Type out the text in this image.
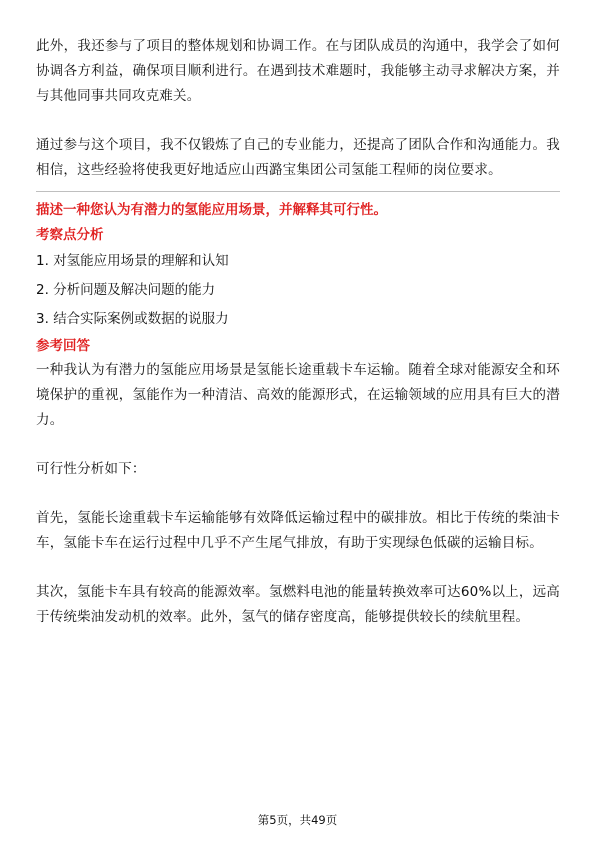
此外，我还参与了项目的整体规划和协调工作。在与团队成员的沟通中，我学会了如何协调各方利益，确保项目顺利进行。在遇到技术难题时，我能够主动寻求解决方案，并与其他同事共同攻克难关。

通过参与这个项目，我不仅锻炼了自己的专业能力，还提高了团队合作和沟通能力。我相信，这些经验将使我更好地适应山西潞宝集团公司氢能工程师的岗位要求。

描述一种您认为有潜力的氢能应用场景，并解释其可行性。

考察点分析

1. 对氢能应用场景的理解和认知
2. 分析问题及解决问题的能力
3. 结合实际案例或数据的说服力

参考回答

一种我认为有潜力的氢能应用场景是氢能长途重载卡车运输。随着全球对能源安全和环境保护的重视，氢能作为一种清洁、高效的能源形式，在运输领域的应用具有巨大的潜力。

可行性分析如下：

首先，氢能长途重载卡车运输能够有效降低运输过程中的碳排放。相比于传统的柴油卡车，氢能卡车在运行过程中几乎不产生尾气排放，有助于实现绿色低碳的运输目标。

其次，氢能卡车具有较高的能源效率。氢燃料电池的能量转换效率可达60%以上，远高于传统柴油发动机的效率。此外，氢气的储存密度高，能够提供较长的续航里程。

第5页，共49页
